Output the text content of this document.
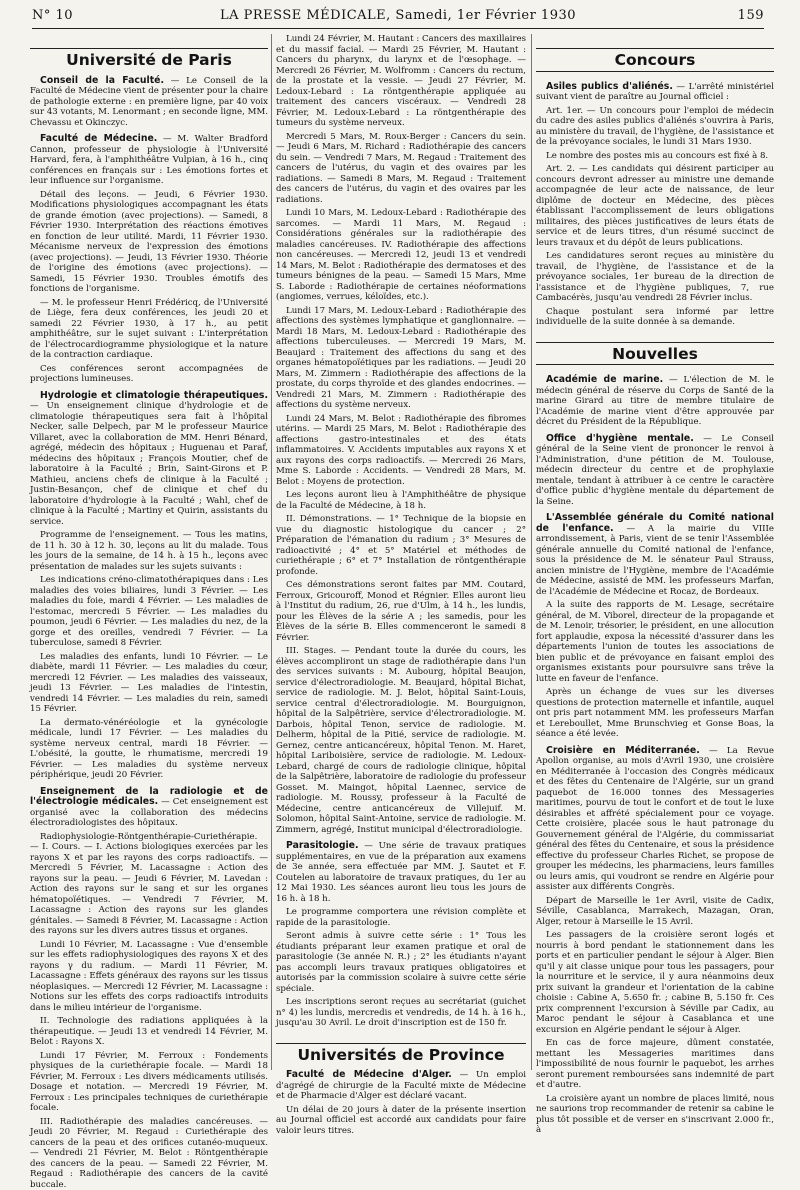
N° 10	LA PRESSE MÉDICALE, Samedi, 1er Février 1930	159
Université de Paris

Conseil de la Faculté. — Le Conseil de la Faculté de Médecine vient de présenter pour la chaire de pathologie externe : en première ligne, par 40 voix sur 43 votants, M. Lenormant ; en seconde ligne, MM. Chevassu et Okinczyc.

Faculté de Médecine. — M. Walter Bradford Cannon, professeur de physiologie à l'Université Harvard, fera, à l'amphithéâtre Vulpian, à 16 h., cinq conférences en français sur : Les émotions fortes et leur influence sur l'organisme.

Détail des leçons. — Jeudi, 6 Février 1930. Modifications physiologiques accompagnant les états de grande émotion (avec projections). — Samedi, 8 Février 1930. Interprétation des réactions émotives en fonction de leur utilité. Mardi, 11 Février 1930. Mécanisme nerveux de l'expression des émotions (avec projections). — Jeudi, 13 Février 1930. Théorie de l'origine des émotions (avec projections). — Samedi, 15 Février 1930. Troubles émotifs des fonctions de l'organisme.

— M. le professeur Henri Frédéricq, de l'Université de Liège, fera deux conférences, les jeudi 20 et samedi 22 Février 1930, à 17 h., au petit amphithéâtre, sur le sujet suivant : L'interprétation de l'électrocardiogramme physiologique et la nature de la contraction cardiaque.

Ces conférences seront accompagnées de projections lumineuses.

Hydrologie et climatologie thérapeutiques. — Un enseignement clinique d'hydrologie et de climatologie thérapeutiques sera fait à l'hôpital Necker, salle Delpech, par M le professeur Maurice Villaret, avec la collaboration de MM. Henri Bénard, agrégé, médecin des hôpitaux ; Huguenau et Paraf, médecins des hôpitaux ; François Moutier, chef de laboratoire à la Faculté ; Brin, Saint-Girons et P. Mathieu, anciens chefs de clinique à la Faculté ; Justin-Besançon, chef de clinique et chef du laboratoire d'hydrologie à la Faculté ; Wahl, chef de clinique à la Faculté ; Martiny et Quirin, assistants du service.

Programme de l'enseignement. — Tous les matins, de 11 h. 30 à 12 h. 30, leçons au lit du malade. Tous les jours de la semaine, de 14 h. à 15 h., leçons avec présentation de malades sur les sujets suivants :

Les indications créno-climatothérapiques dans : Les maladies des voies biliaires, lundi 3 Février. — Les maladies du foie, mardi 4 Février. — Les maladies de l'estomac, mercredi 5 Février. — Les maladies du poumon, jeudi 6 Février. — Les maladies du nez, de la gorge et des oreilles, vendredi 7 Février. — La tuberculose, samedi 8 Février.

Les maladies des enfants, lundi 10 Février. — Le diabète, mardi 11 Février. — Les maladies du cœur, mercredi 12 Février. — Les maladies des vaisseaux, jeudi 13 Février. — Les maladies de l'intestin, vendredi 14 Février. — Les maladies du rein, samedi 15 Février.

La dermato-vénéréologie et la gynécologie médicale, lundi 17 Février. — Les maladies du système nerveux central, mardi 18 Février. — L'obésité, la goutte, le rhumatisme, mercredi 19 Février. — Les maladies du système nerveux périphérique, jeudi 20 Février.

Enseignement de la radiologie et de l'électrologie médicales. — Cet enseignement est organisé avec la collaboration des médecins électroradiologistes des hôpitaux.

Radiophysiologie-Röntgenthérapie-Curiethérapie. — I. Cours. — I. Actions biologiques exercées par les rayons X et par les rayons des corps radioactifs. — Mercredi 5 Février, M. Lacassagne : Action des rayons sur la peau. — Jeudi 6 Février, M. Lavedan : Action des rayons sur le sang et sur les organes hématopoïétiques. — Vendredi 7 Février, M. Lacassagne : Action des rayons sur les glandes génitales. — Samedi 8 Février, M. Lacassagne : Action des rayons sur les divers autres tissus et organes.

Lundi 10 Février, M. Lacassagne : Vue d'ensemble sur les effets radiophysiologiques des rayons X et des rayons γ du radium. — Mardi 11 Février, M. Lacassagne : Effets généraux des rayons sur les tissus néoplasiques. — Mercredi 12 Février, M. Lacassagne : Notions sur les effets des corps radioactifs introduits dans le milieu intérieur de l'organisme.

II. Technologie des radiations appliquées à la thérapeutique. — Jeudi 13 et vendredi 14 Février, M. Belot : Rayons X.

Lundi 17 Février, M. Ferroux : Fondements physiques de la curiethérapie focale. — Mardi 18 Février, M. Ferroux : Les divers médicaments utilisés. Dosage et notation. — Mercredi 19 Février, M. Ferroux : Les principales techniques de curiethérapie focale.

III. Radiothérapie des maladies cancéreuses. — Jeudi 20 Février, M. Regaud : Curiethérapie des cancers de la peau et des orifices cutanéo-muqueux. — Vendredi 21 Février, M. Belot : Röntgenthérapie des cancers de la peau. — Samedi 22 Février, M. Regaud : Radiothérapie des cancers de la cavité buccale.

Lundi 24 Février, M. Hautant : Cancers des maxillaires et du massif facial. — Mardi 25 Février, M. Hautant : Cancers du pharynx, du larynx et de l'œsophage. — Mercredi 26 Février, M. Wolfromm : Cancers du rectum, de la prostate et la vessie. — Jeudi 27 Février, M. Ledoux-Lebard : La röntgenthérapie appliquée au traitement des cancers viscéraux. — Vendredi 28 Février, M. Ledoux-Lebard : La röntgenthérapie des tumeurs du système nerveux.

Mercredi 5 Mars, M. Roux-Berger : Cancers du sein. — Jeudi 6 Mars, M. Richard : Radiothérapie des cancers du sein. — Vendredi 7 Mars, M. Regaud : Traitement des cancers de l'utérus, du vagin et des ovaires par les radiations. — Samedi 8 Mars, M. Regaud : Traitement des cancers de l'utérus, du vagin et des ovaires par les radiations.

Lundi 10 Mars, M. Ledoux-Lebard : Radiothérapie des sarcomes. — Mardi 11 Mars, M. Regaud : Considérations générales sur la radiothérapie des maladies cancéreuses. IV. Radiothérapie des affections non cancéreuses. — Mercredi 12, jeudi 13 et vendredi 14 Mars, M. Belot : Radiothérapie des dermatoses et des tumeurs bénignes de la peau. — Samedi 15 Mars, Mme S. Laborde : Radiothérapie de certaines néoformations (angiomes, verrues, kéloïdes, etc.).

Lundi 17 Mars, M. Ledoux-Lebard : Radiothérapie des affections des systèmes lymphatique et ganglionnaire. — Mardi 18 Mars, M. Ledoux-Lebard : Radiothérapie des affections tuberculeuses. — Mercredi 19 Mars, M. Beaujard : Traitement des affections du sang et des organes hématopoïétiques par les radiations. — Jeudi 20 Mars, M. Zimmern : Radiothérapie des affections de la prostate, du corps thyroïde et des glandes endocrines. — Vendredi 21 Mars, M. Zimmern : Radiothérapie des affections du système nerveux.

Lundi 24 Mars, M. Belot : Radiothérapie des fibromes utérins. — Mardi 25 Mars, M. Belot : Radiothérapie des affections gastro-intestinales et des états inflammatoires. V. Accidents imputables aux rayons X et aux rayons des corps radioactifs. — Mercredi 26 Mars, Mme S. Laborde : Accidents. — Vendredi 28 Mars, M. Belot : Moyens de protection.

Les leçons auront lieu à l'Amphithéâtre de physique de la Faculté de Médecine, à 18 h.

II. Démonstrations. — 1° Technique de la biopsie en vue du diagnostic histologique du cancer ; 2° Préparation de l'émanation du radium ; 3° Mesures de radioactivité ; 4° et 5° Matériel et méthodes de curiethérapie ; 6° et 7° Installation de röntgenthérapie profonde.

Ces démonstrations seront faites par MM. Coutard, Ferroux, Gricouroff, Monod et Régnier. Elles auront lieu à l'Institut du radium, 26, rue d'Ulm, à 14 h., les lundis, pour les Élèves de la série A ; les samedis, pour les Élèves de la série B. Elles commenceront le samedi 8 Février.

III. Stages. — Pendant toute la durée du cours, les élèves accompliront un stage de radiothérapie dans l'un des services suivants : M. Aubourg, hôpital Beaujon, service d'électroradiologie. M. Beaujard, hôpital Bichat, service de radiologie. M. J. Belot, hôpital Saint-Louis, service central d'électroradiologie. M. Bourguignon, hôpital de la Salpêtrière, service d'électroradiologie. M. Darbois, hôpital Tenon, service de radiologie. M. Delherm, hôpital de la Pitié, service de radiologie. M. Gernez, centre anticancéreux, hôpital Tenon. M. Haret, hôpital Lariboisière, service de radiologie. M. Ledoux-Lebard, chargé de cours de radiologie clinique, hôpital de la Salpêtrière, laboratoire de radiologie du professeur Gosset. M. Maingot, hôpital Laennec, service de radiologie. M. Roussy, professeur à la Faculté de Médecine, centre anticancéreux de Villejuif. M. Solomon, hôpital Saint-Antoine, service de radiologie. M. Zimmern, agrégé, Institut municipal d'électroradiologie.

Parasitologie. — Une série de travaux pratiques supplémentaires, en vue de la préparation aux examens de 3e année, sera effectuée par MM. J. Sautet et F. Coutelen au laboratoire de travaux pratiques, du 1er au 12 Mai 1930. Les séances auront lieu tous les jours de 16 h. à 18 h.

Le programme comportera une révision complète et rapide de la parasitologie.

Seront admis à suivre cette série : 1° Tous les étudiants préparant leur examen pratique et oral de parasitologie (3e année N. R.) ; 2° les étudiants n'ayant pas accompli leurs travaux pratiques obligatoires et autorisés par la commission scolaire à suivre cette série spéciale.

Les inscriptions seront reçues au secrétariat (guichet n° 4) les lundis, mercredis et vendredis, de 14 h. à 16 h., jusqu'au 30 Avril. Le droit d'inscription est de 150 fr.

Universités de Province

Faculté de Médecine d'Alger. — Un emploi d'agrégé de chirurgie de la Faculté mixte de Médecine et de Pharmacie d'Alger est déclaré vacant.

Un délai de 20 jours à dater de la présente insertion au Journal officiel est accordé aux candidats pour faire valoir leurs titres.

Concours

Asiles publics d'aliénés. — L'arrêté ministériel suivant vient de paraître au Journal officiel :

Art. 1er. — Un concours pour l'emploi de médecin du cadre des asiles publics d'aliénés s'ouvrira à Paris, au ministère du travail, de l'hygiène, de l'assistance et de la prévoyance sociales, le lundi 31 Mars 1930.

Le nombre des postes mis au concours est fixé à 8.

Art. 2. — Les candidats qui désirent participer au concours devront adresser au ministre une demande accompagnée de leur acte de naissance, de leur diplôme de docteur en Médecine, des pièces établissant l'accomplissement de leurs obligations militaires, des pièces justificatives de leurs états de service et de leurs titres, d'un résumé succinct de leurs travaux et du dépôt de leurs publications.

Les candidatures seront reçues au ministère du travail, de l'hygiène, de l'assistance et de la prévoyance sociales, 1er bureau de la direction de l'assistance et de l'hygiène publiques, 7, rue Cambacérès, jusqu'au vendredi 28 Février inclus.

Chaque postulant sera informé par lettre individuelle de la suite donnée à sa demande.

Nouvelles

Académie de marine. — L'élection de M. le médecin général de réserve du Corps de Santé de la marine Girard au titre de membre titulaire de l'Académie de marine vient d'être approuvée par décret du Président de la République.

Office d'hygiène mentale. — Le Conseil général de la Seine vient de prononcer le renvoi à l'Administration, d'une pétition de M. Toulouse, médecin directeur du centre et de prophylaxie mentale, tendant à attribuer à ce centre le caractère d'office public d'hygiène mentale du département de la Seine.

L'Assemblée générale du Comité national de l'enfance. — A la mairie du VIIIe arrondissement, à Paris, vient de se tenir l'Assemblée générale annuelle du Comité national de l'enfance, sous la présidence de M. le sénateur Paul Strauss, ancien ministre de l'Hygiène, membre de l'Académie de Médecine, assisté de MM. les professeurs Marfan, de l'Académie de Médecine et Rocaz, de Bordeaux.

A la suite des rapports de M. Lesage, secrétaire général, de M. Viborel, directeur de la propagande et de M. Lenoir, trésorier, le président, en une allocution fort applaudie, exposa la nécessité d'assurer dans les départements l'union de toutes les associations de bien public et de prévoyance en faisant emploi des organismes existants pour poursuivre sans trêve la lutte en faveur de l'enfance.

Après un échange de vues sur les diverses questions de protection maternelle et infantile, auquel ont pris part notamment MM. les professeurs Marfan et Lereboullet, Mme Brunschvieg et Gonse Boas, la séance a été levée.

Croisière en Méditerranée. — La Revue Apollon organise, au mois d'Avril 1930, une croisière en Méditerranée à l'occasion des Congrès médicaux et des fêtes du Centenaire de l'Algérie, sur un grand paquebot de 16.000 tonnes des Messageries maritimes, pourvu de tout le confort et de tout le luxe désirables et affrété spécialement pour ce voyage. Cette croisière, placée sous le haut patronage du Gouvernement général de l'Algérie, du commissariat général des fêtes du Centenaire, et sous la présidence effective du professeur Charles Richet, se propose de grouper les médecins, les pharmaciens, leurs familles ou leurs amis, qui voudront se rendre en Algérie pour assister aux différents Congrès.

Départ de Marseille le 1er Avril, visite de Cadix, Séville, Casablanca, Marrakech, Mazagan, Oran, Alger, retour à Marseille le 15 Avril.

Les passagers de la croisière seront logés et nourris à bord pendant le stationnement dans les ports et en particulier pendant le séjour à Alger. Bien qu'il y ait classe unique pour tous les passagers, pour la nourriture et le service, il y aura néanmoins deux prix suivant la grandeur et l'orientation de la cabine choisie : Cabine A, 5.650 fr. ; cabine B, 5.150 fr. Ces prix comprennent l'excursion à Séville par Cadix, au Maroc pendant le séjour à Casablanca et une excursion en Algérie pendant le séjour à Alger.

En cas de force majeure, dûment constatée, mettant les Messageries maritimes dans l'impossibilité de nous fournir le paquebot, les arrhes seront purement remboursées sans indemnité de part et d'autre.

La croisière ayant un nombre de places limité, nous ne saurions trop recommander de retenir sa cabine le plus tôt possible et de verser en s'inscrivant 2.000 fr., à
